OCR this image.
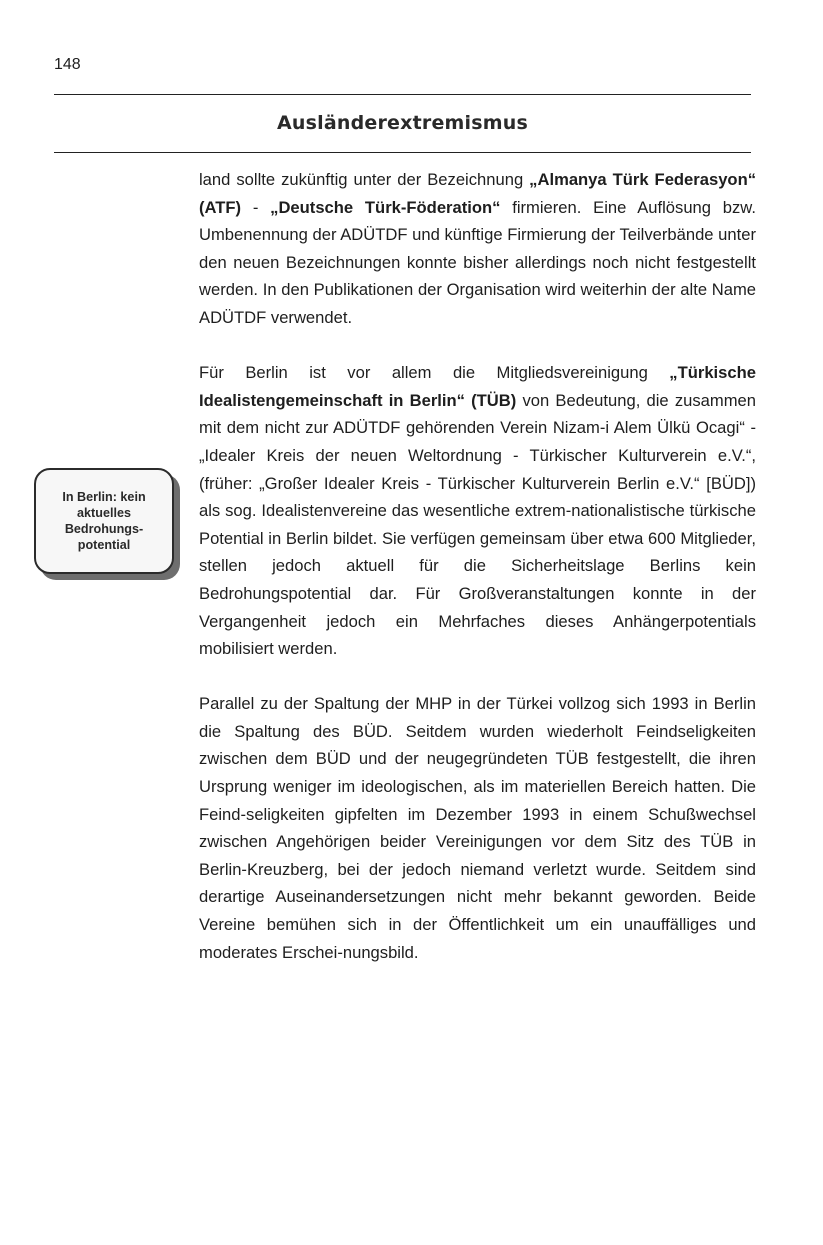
148
Ausländerextremismus
In Berlin: kein
aktuelles
Bedrohungs-
potential

land sollte zukünftig unter der Bezeichnung „Almanya Türk Federasyon“ (ATF) - „Deutsche Türk-Föderation“ firmieren. Eine Auflösung bzw. Umbenennung der ADÜTDF und künftige Firmierung der Teilverbände unter den neuen Bezeichnungen konnte bisher allerdings noch nicht festgestellt werden. In den Publikationen der Organisation wird weiterhin der alte Name ADÜTDF verwendet.

Für Berlin ist vor allem die Mitgliedsvereinigung „Türkische Idealistengemeinschaft in Berlin“ (TÜB) von Bedeutung, die zusammen mit dem nicht zur ADÜTDF gehörenden Verein Nizam-i Alem Ülkü Ocagi“ - „Idealer Kreis der neuen Weltordnung - Türkischer Kulturverein e.V.“, (früher: „Großer Idealer Kreis - Türkischer Kulturverein Berlin e.V.“ [BÜD]) als sog. Idealistenvereine das wesentliche extrem-nationalistische türkische Potential in Berlin bildet. Sie verfügen gemeinsam über etwa 600 Mitglieder, stellen jedoch aktuell für die Sicherheitslage Berlins kein Bedrohungspotential dar. Für Großveranstaltungen konnte in der Vergangenheit jedoch ein Mehrfaches dieses Anhängerpotentials mobilisiert werden.

Parallel zu der Spaltung der MHP in der Türkei vollzog sich 1993 in Berlin die Spaltung des BÜD. Seitdem wurden wiederholt Feindseligkeiten zwischen dem BÜD und der neugegründeten TÜB festgestellt, die ihren Ursprung weniger im ideologischen, als im materiellen Bereich hatten. Die Feind-seligkeiten gipfelten im Dezember 1993 in einem Schußwechsel zwischen Angehörigen beider Vereinigungen vor dem Sitz des TÜB in Berlin-Kreuzberg, bei der jedoch niemand verletzt wurde. Seitdem sind derartige Auseinandersetzungen nicht mehr bekannt geworden. Beide Vereine bemühen sich in der Öffentlichkeit um ein unauffälliges und moderates Erschei-nungsbild.
